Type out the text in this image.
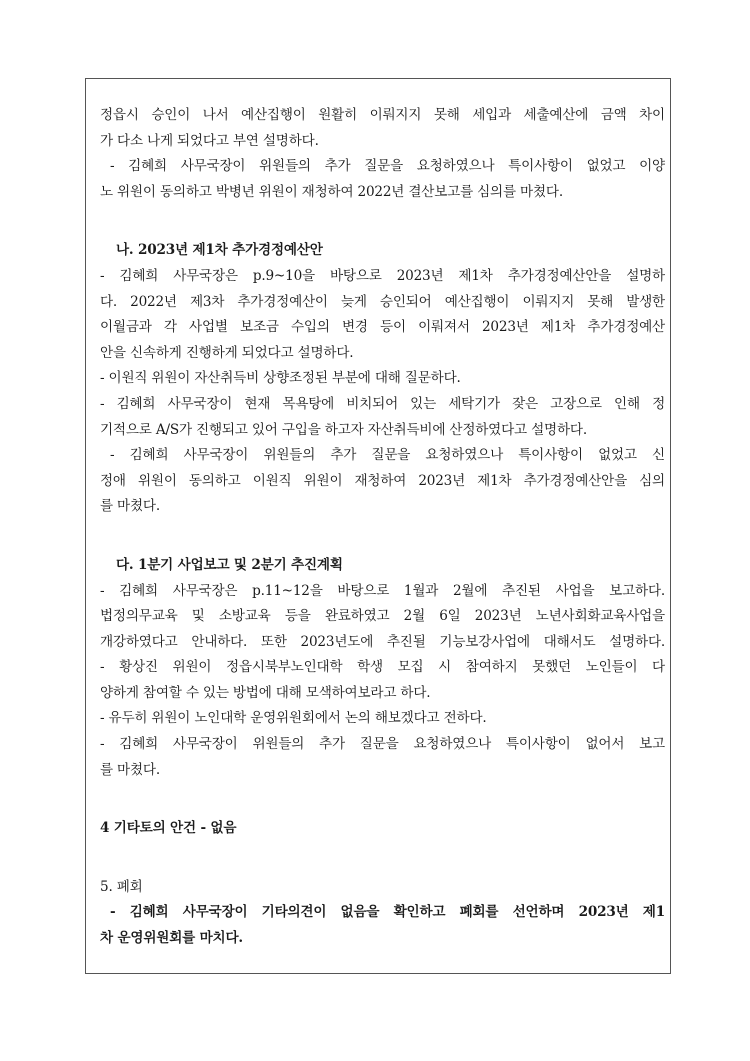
정읍시 승인이 나서 예산집행이 원활히 이뤄지지 못해 세입과 세출예산에 금액 차이
가 다소 나게 되었다고 부연 설명하다.
- 김혜희 사무국장이 위원들의 추가 질문을 요청하였으나 특이사항이 없었고 이양
노 위원이 동의하고 박병년 위원이 재청하여 2022년 결산보고를 심의를 마쳤다.
나. 2023년 제1차 추가경정예산안
- 김혜희 사무국장은 p.9~10을 바탕으로 2023년 제1차 추가경정예산안을 설명하
다. 2022년 제3차 추가경정예산이 늦게 승인되어 예산집행이 이뤄지지 못해 발생한
이월금과 각 사업별 보조금 수입의 변경 등이 이뤄져서 2023년 제1차 추가경정예산
안을 신속하게 진행하게 되었다고 설명하다.
- 이원직 위원이 자산취득비 상향조정된 부분에 대해 질문하다.
- 김혜희 사무국장이 현재 목욕탕에 비치되어 있는 세탁기가 잦은 고장으로 인해 정
기적으로 A/S가 진행되고 있어 구입을 하고자 자산취득비에 산정하였다고 설명하다.
- 김혜희 사무국장이 위원들의 추가 질문을 요청하였으나 특이사항이 없었고 신
정애 위원이 동의하고 이원직 위원이 재청하여 2023년 제1차 추가경정예산안을 심의
를 마쳤다.
다. 1분기 사업보고 및 2분기 추진계획
- 김혜희 사무국장은 p.11~12을 바탕으로 1월과 2월에 추진된 사업을 보고하다.
법정의무교육 및 소방교육 등을 완료하였고 2월 6일 2023년 노년사회화교육사업을
개강하였다고 안내하다. 또한 2023년도에 추진될 기능보강사업에 대해서도 설명하다.
- 황상진 위원이 정읍시북부노인대학 학생 모집 시 참여하지 못했던 노인들이 다
양하게 참여할 수 있는 방법에 대해 모색하여보라고 하다.
- 유두히 위원이 노인대학 운영위원회에서 논의 해보겠다고 전하다.
- 김혜희 사무국장이 위원들의 추가 질문을 요청하였으나 특이사항이 없어서 보고
를 마쳤다.
4 기타토의 안건 - 없음
5. 폐회
- 김혜희 사무국장이 기타의견이 없음을 확인하고 폐회를 선언하며 2023년 제1
차 운영위원회를 마치다.
